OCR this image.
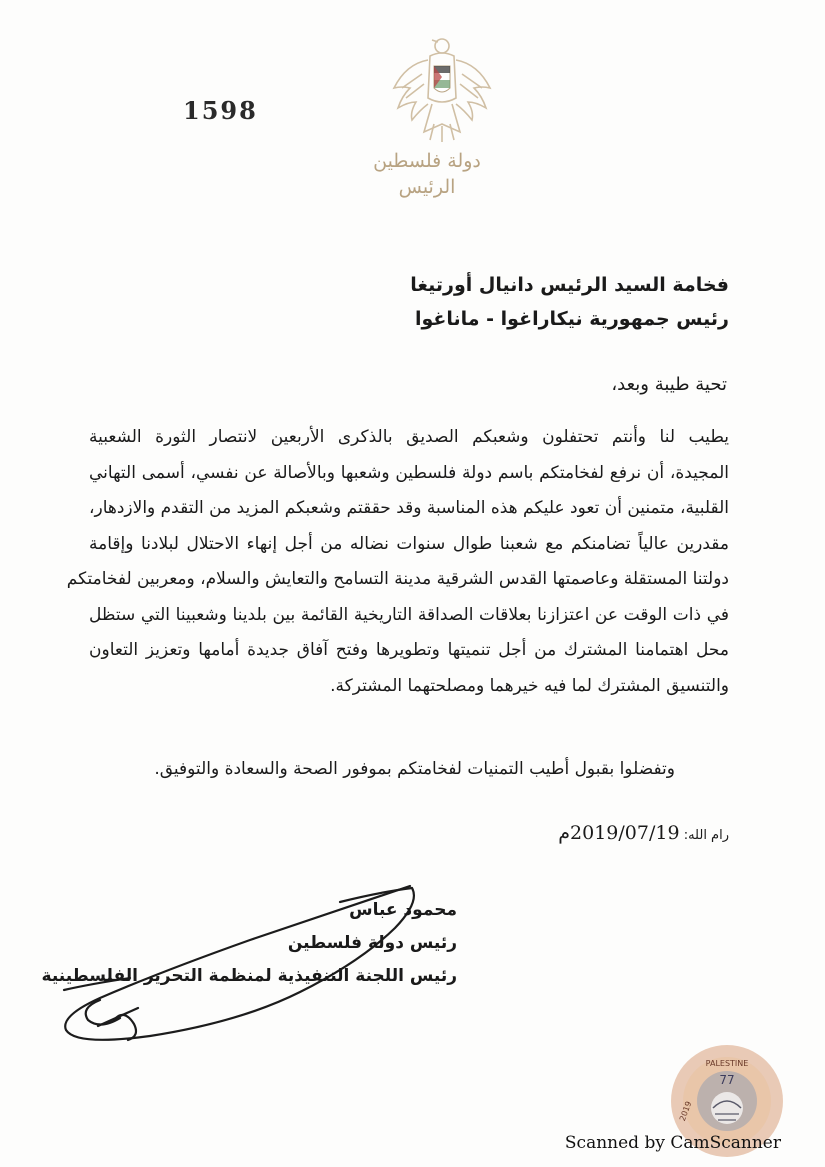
1598
دولة فلسطين
الرئيس
فخامة السيد الرئيس دانيال أورتيغا
رئيس جمهورية نيكاراغوا - ماناغوا
تحية طيبة وبعد،
يطيب لنا وأنتم تحتفلون وشعبكم الصديق بالذكرى الأربعين لانتصار الثورة الشعبية
المجيدة، أن نرفع لفخامتكم باسم دولة فلسطين وشعبها وبالأصالة عن نفسي، أسمى التهاني
القلبية، متمنين أن تعود عليكم هذه المناسبة وقد حققتم وشعبكم المزيد من التقدم والازدهار،
مقدرين عالياً تضامنكم مع شعبنا طوال سنوات نضاله من أجل إنهاء الاحتلال لبلادنا وإقامة
دولتنا المستقلة وعاصمتها القدس الشرقية مدينة التسامح والتعايش والسلام، ومعربين لفخامتكم
في ذات الوقت عن اعتزازنا بعلاقات الصداقة التاريخية القائمة بين بلدينا وشعبينا التي ستظل
محل اهتمامنا المشترك من أجل تنميتها وتطويرها وفتح آفاق جديدة أمامها وتعزيز التعاون
والتنسيق المشترك لما فيه خيرهما ومصلحتهما المشتركة.
وتفضلوا بقبول أطيب التمنيات لفخامتكم بموفور الصحة والسعادة والتوفيق.
رام الله: 2019/07/19م
محمود عباس
رئيس دولة فلسطين
رئيس اللجنة التنفيذية لمنظمة التحرير الفلسطينية
77
PALESTINE
2019
Scanned by CamScanner
